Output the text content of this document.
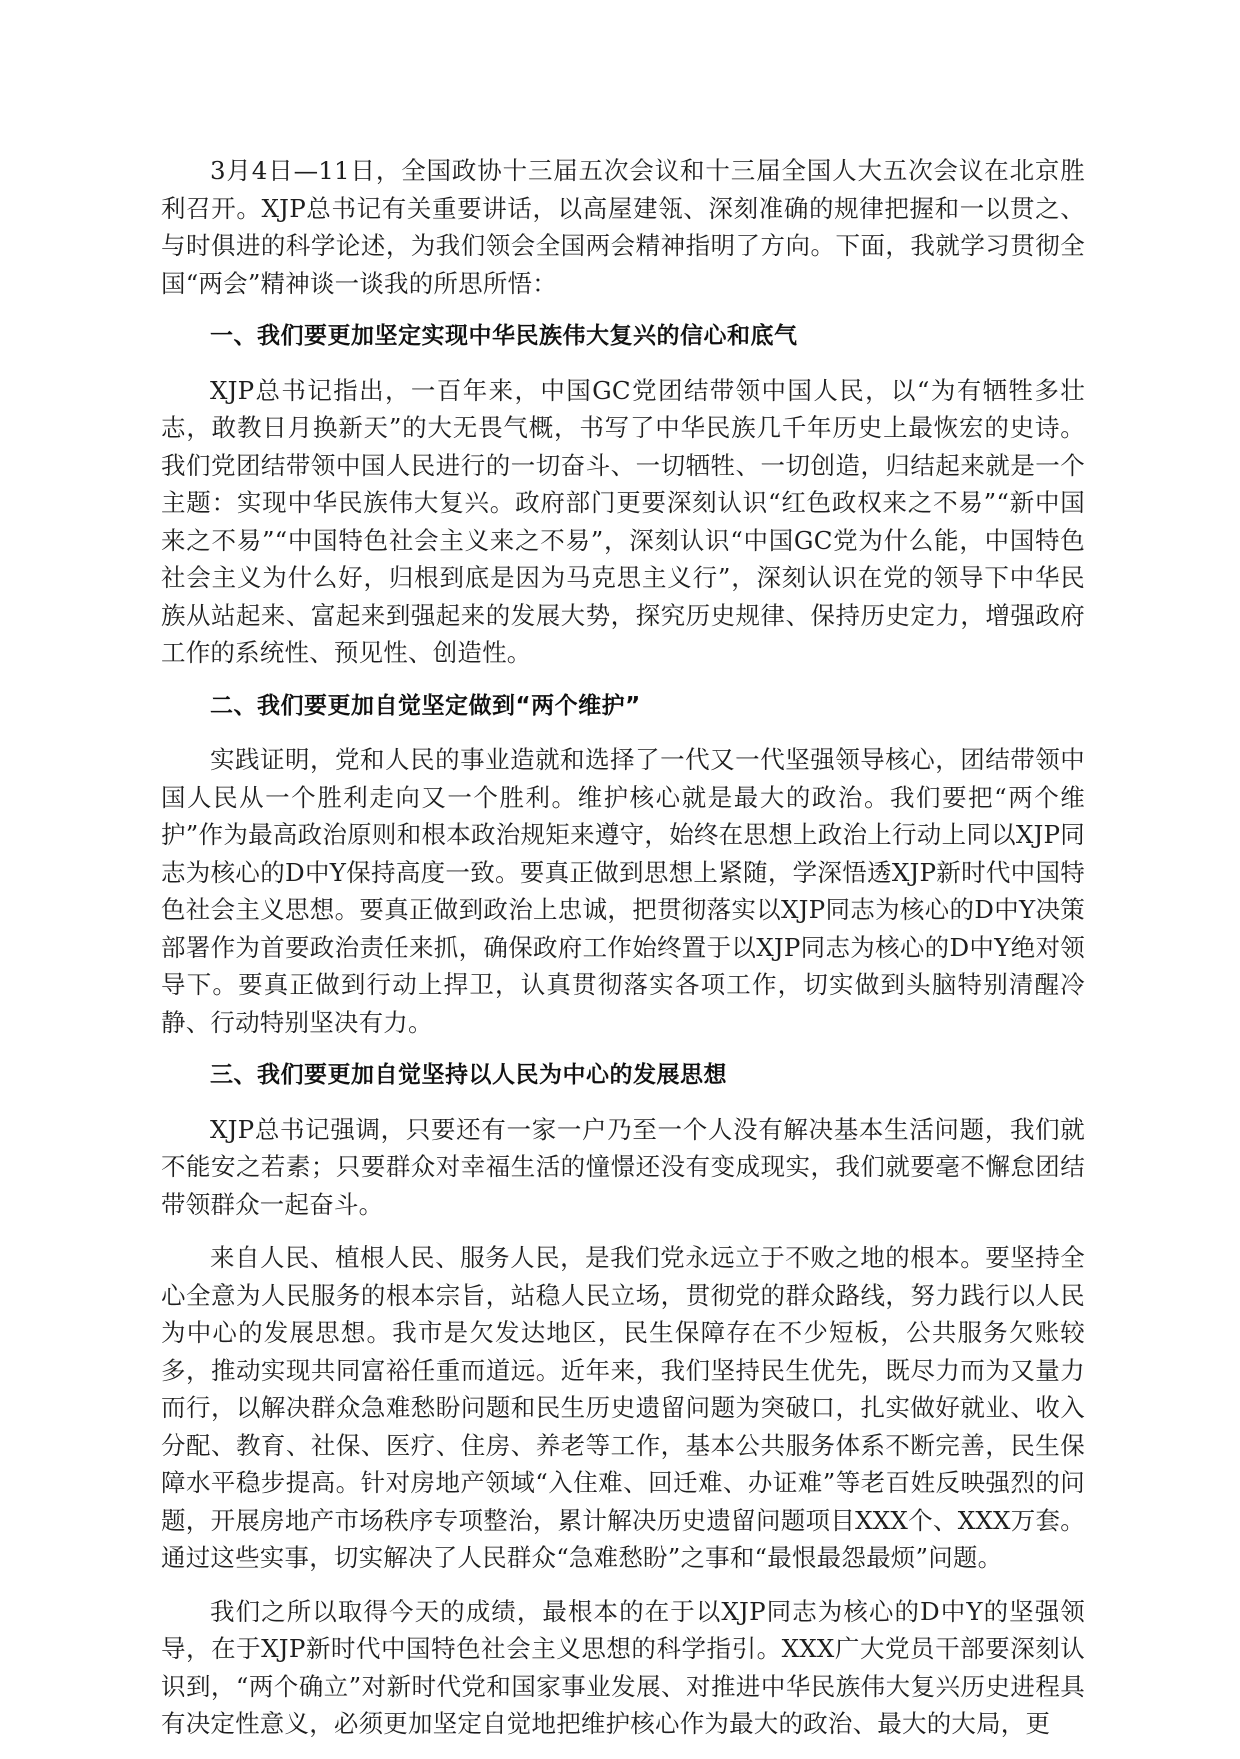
3月4日—11日，全国政协十三届五次会议和十三届全国人大五次会议在北京胜利召开。XJP总书记有关重要讲话，以高屋建瓴、深刻准确的规律把握和一以贯之、与时俱进的科学论述，为我们领会全国两会精神指明了方向。下面，我就学习贯彻全国“两会”精神谈一谈我的所思所悟：

一、我们要更加坚定实现中华民族伟大复兴的信心和底气

XJP总书记指出，一百年来，中国GC党团结带领中国人民，以“为有牺牲多壮志，敢教日月换新天”的大无畏气概，书写了中华民族几千年历史上最恢宏的史诗。我们党团结带领中国人民进行的一切奋斗、一切牺牲、一切创造，归结起来就是一个主题：实现中华民族伟大复兴。政府部门更要深刻认识“红色政权来之不易”“新中国来之不易”“中国特色社会主义来之不易”，深刻认识“中国GC党为什么能，中国特色社会主义为什么好，归根到底是因为马克思主义行”，深刻认识在党的领导下中华民族从站起来、富起来到强起来的发展大势，探究历史规律、保持历史定力，增强政府工作的系统性、预见性、创造性。

二、我们要更加自觉坚定做到“两个维护”

实践证明，党和人民的事业造就和选择了一代又一代坚强领导核心，团结带领中国人民从一个胜利走向又一个胜利。维护核心就是最大的政治。我们要把“两个维护”作为最高政治原则和根本政治规矩来遵守，始终在思想上政治上行动上同以XJP同志为核心的D中Y保持高度一致。要真正做到思想上紧随，学深悟透XJP新时代中国特色社会主义思想。要真正做到政治上忠诚，把贯彻落实以XJP同志为核心的D中Y决策部署作为首要政治责任来抓，确保政府工作始终置于以XJP同志为核心的D中Y绝对领导下。要真正做到行动上捍卫，认真贯彻落实各项工作，切实做到头脑特别清醒冷静、行动特别坚决有力。

三、我们要更加自觉坚持以人民为中心的发展思想

XJP总书记强调，只要还有一家一户乃至一个人没有解决基本生活问题，我们就不能安之若素；只要群众对幸福生活的憧憬还没有变成现实，我们就要毫不懈怠团结带领群众一起奋斗。

来自人民、植根人民、服务人民，是我们党永远立于不败之地的根本。要坚持全心全意为人民服务的根本宗旨，站稳人民立场，贯彻党的群众路线，努力践行以人民为中心的发展思想。我市是欠发达地区，民生保障存在不少短板，公共服务欠账较多，推动实现共同富裕任重而道远。近年来，我们坚持民生优先，既尽力而为又量力而行，以解决群众急难愁盼问题和民生历史遗留问题为突破口，扎实做好就业、收入分配、教育、社保、医疗、住房、养老等工作，基本公共服务体系不断完善，民生保障水平稳步提高。针对房地产领域“入住难、回迁难、办证难”等老百姓反映强烈的问题，开展房地产市场秩序专项整治，累计解决历史遗留问题项目XXX个、XXX万套。通过这些实事，切实解决了人民群众“急难愁盼”之事和“最恨最怨最烦”问题。

我们之所以取得今天的成绩，最根本的在于以XJP同志为核心的D中Y的坚强领导，在于XJP新时代中国特色社会主义思想的科学指引。XXX广大党员干部要深刻认识到，“两个确立”对新时代党和国家事业发展、对推进中华民族伟大复兴历史进程具有决定性意义，必须更加坚定自觉地把维护核心作为最大的政治、最大的大局，更
